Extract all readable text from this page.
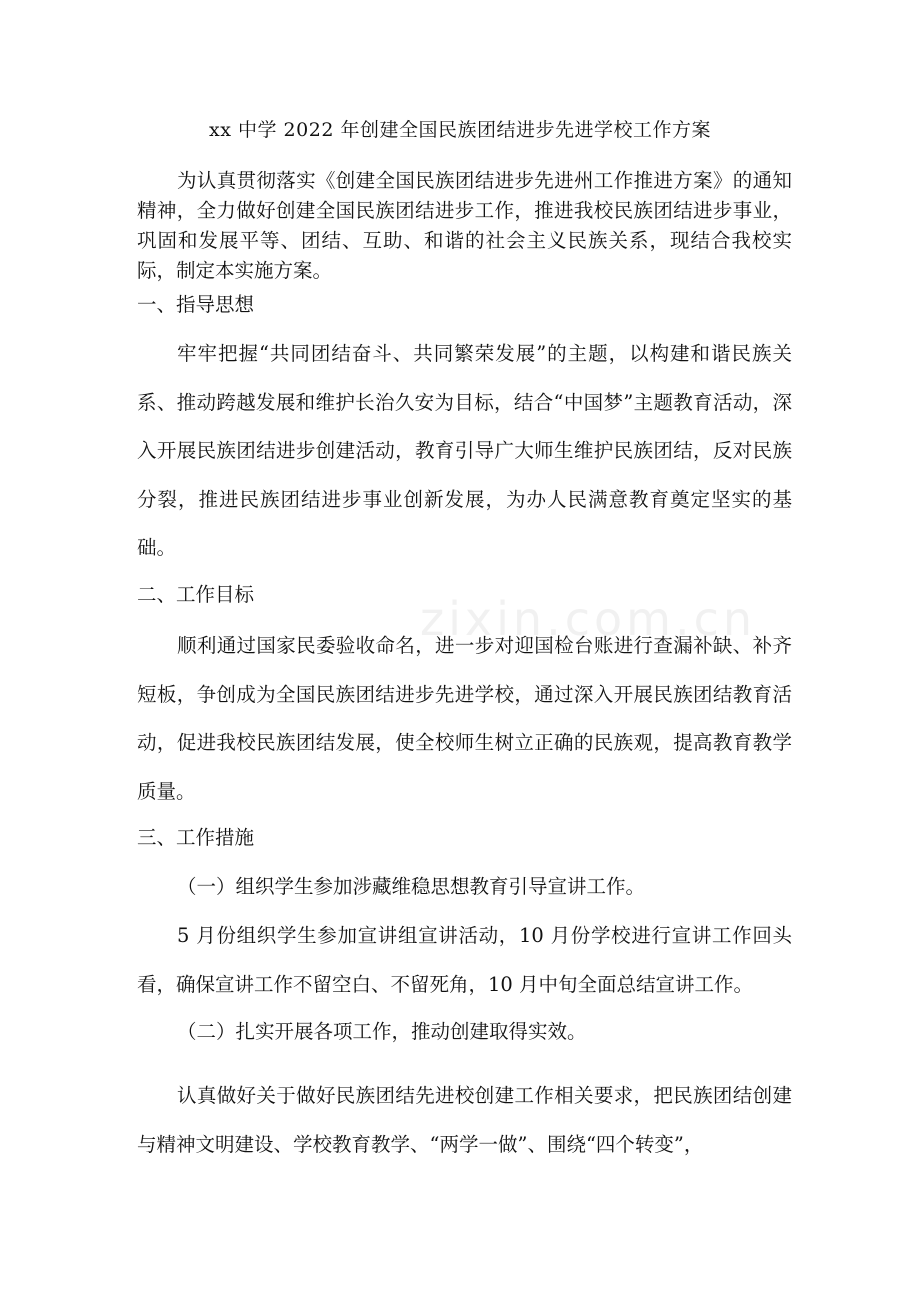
zixin.com.cn
xx 中学 2022 年创建全国民族团结进步先进学校工作方案
为认真贯彻落实《创建全国民族团结进步先进州工作推进方案》的通知精神，全力做好创建全国民族团结进步工作，推进我校民族团结进步事业，巩固和发展平等、团结、互助、和谐的社会主义民族关系，现结合我校实际，制定本实施方案。
一、指导思想
牢牢把握“共同团结奋斗、共同繁荣发展”的主题，以构建和谐民族关系、推动跨越发展和维护长治久安为目标，结合“中国梦”主题教育活动，深入开展民族团结进步创建活动，教育引导广大师生维护民族团结，反对民族分裂，推进民族团结进步事业创新发展，为办人民满意教育奠定坚实的基础。
二、工作目标
顺利通过国家民委验收命名，进一步对迎国检台账进行查漏补缺、补齐短板，争创成为全国民族团结进步先进学校，通过深入开展民族团结教育活动，促进我校民族团结发展，使全校师生树立正确的民族观，提高教育教学质量。
三、工作措施
（一）组织学生参加涉藏维稳思想教育引导宣讲工作。
5 月份组织学生参加宣讲组宣讲活动，10 月份学校进行宣讲工作回头看，确保宣讲工作不留空白、不留死角，10 月中旬全面总结宣讲工作。
（二）扎实开展各项工作，推动创建取得实效。
认真做好关于做好民族团结先进校创建工作相关要求，把民族团结创建与精神文明建设、学校教育教学、“两学一做”、围绕“四个转变”，
